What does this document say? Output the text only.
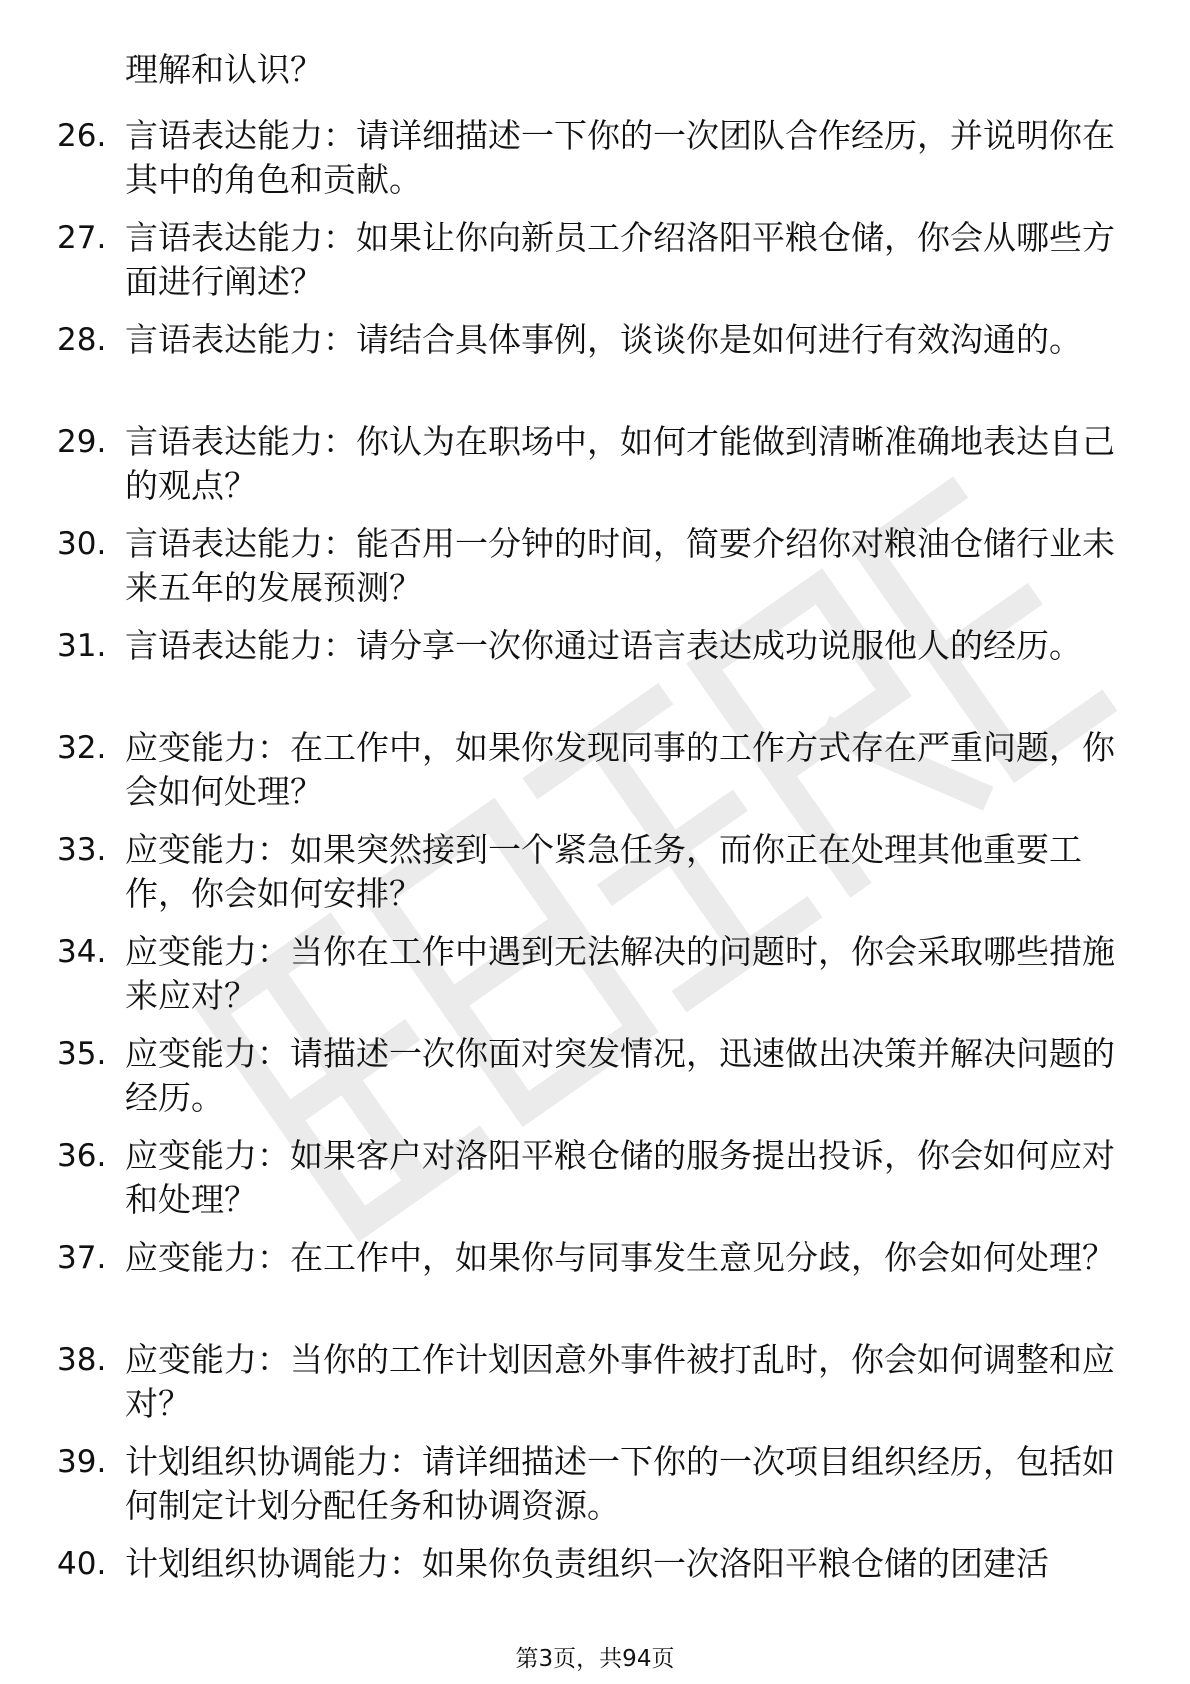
理解和认识？
26. 言语表达能力：请详细描述一下你的一次团队合作经历，并说明你在其中的角色和贡献。
27. 言语表达能力：如果让你向新员工介绍洛阳平粮仓储，你会从哪些方面进行阐述？
28. 言语表达能力：请结合具体事例，谈谈你是如何进行有效沟通的。
29. 言语表达能力：你认为在职场中，如何才能做到清晰准确地表达自己的观点？
30. 言语表达能力：能否用一分钟的时间，简要介绍你对粮油仓储行业未来五年的发展预测？
31. 言语表达能力：请分享一次你通过语言表达成功说服他人的经历。
32. 应变能力：在工作中，如果你发现同事的工作方式存在严重问题，你会如何处理？
33. 应变能力：如果突然接到一个紧急任务，而你正在处理其他重要工作，你会如何安排？
34. 应变能力：当你在工作中遇到无法解决的问题时，你会采取哪些措施来应对？
35. 应变能力：请描述一次你面对突发情况，迅速做出决策并解决问题的经历。
36. 应变能力：如果客户对洛阳平粮仓储的服务提出投诉，你会如何应对和处理？
37. 应变能力：在工作中，如果你与同事发生意见分歧，你会如何处理？
38. 应变能力：当你的工作计划因意外事件被打乱时，你会如何调整和应对？
39. 计划组织协调能力：请详细描述一下你的一次项目组织经历，包括如何制定计划分配任务和协调资源。
40. 计划组织协调能力：如果你负责组织一次洛阳平粮仓储的团建活
第3页，共94页
